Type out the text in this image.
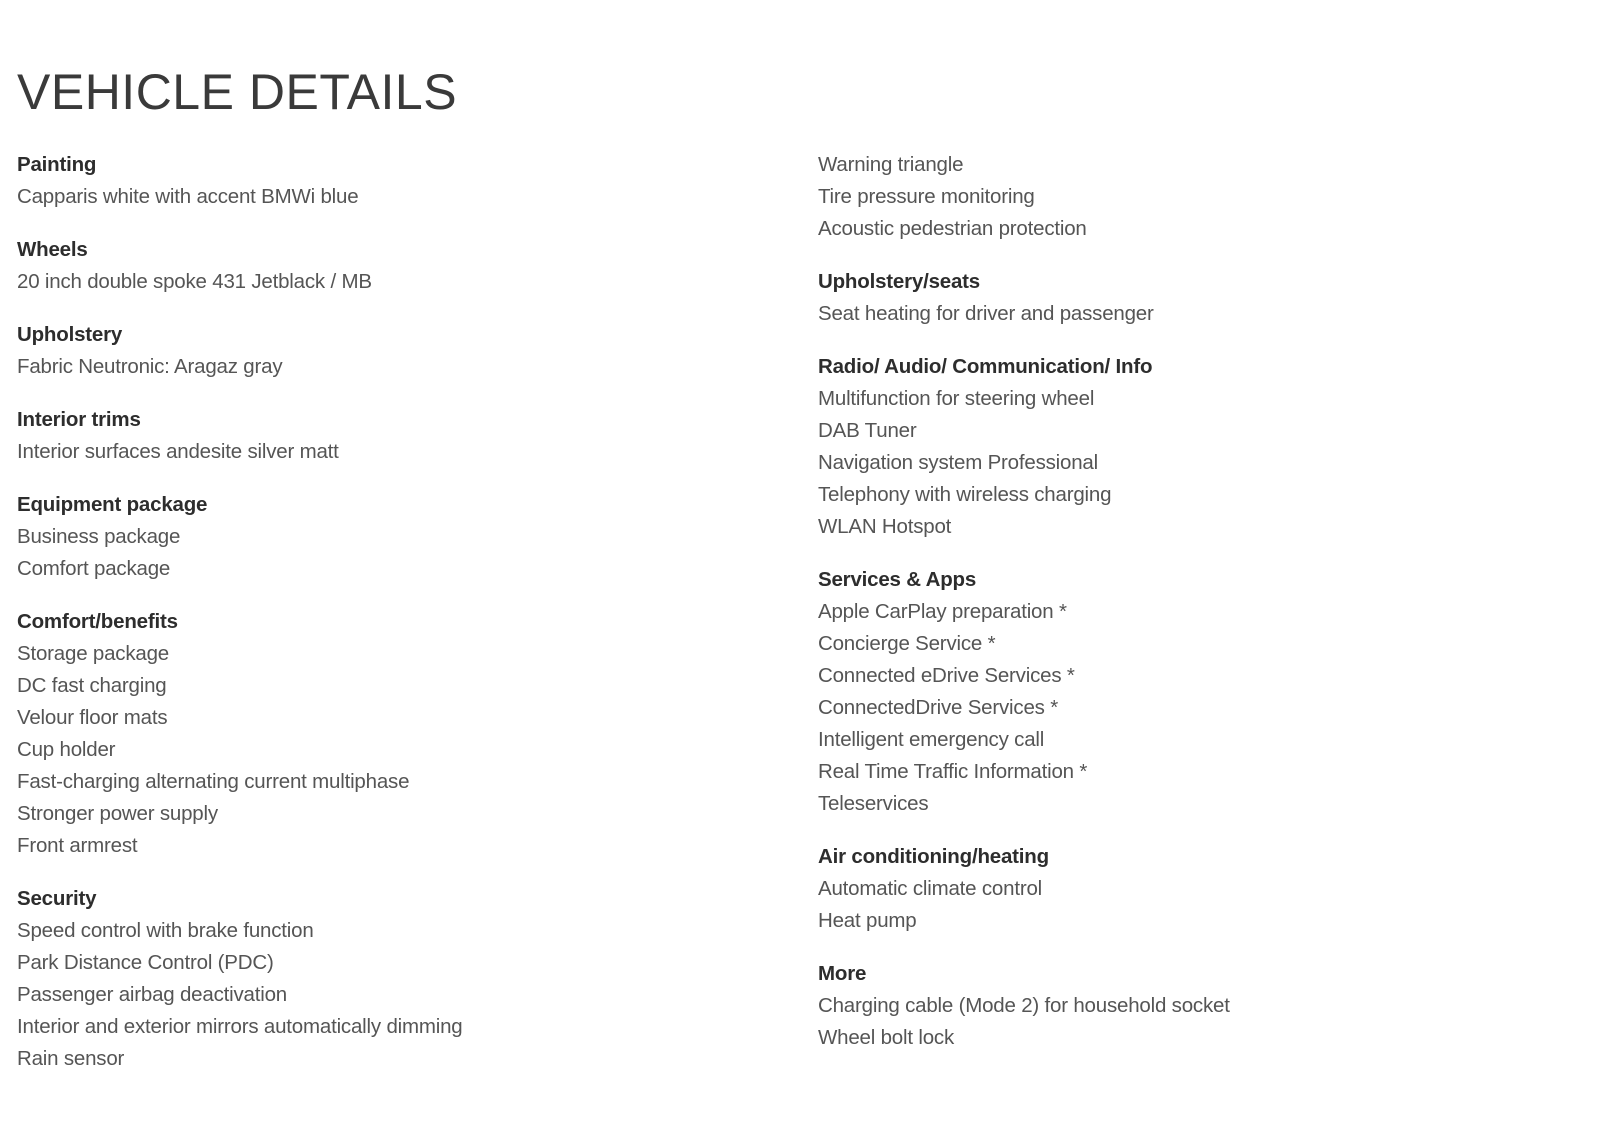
VEHICLE DETAILS
Painting
Capparis white with accent BMWi blue
Wheels
20 inch double spoke 431 Jetblack / MB
Upholstery
Fabric Neutronic: Aragaz gray
Interior trims
Interior surfaces andesite silver matt
Equipment package
Business package
Comfort package
Comfort/benefits
Storage package
DC fast charging
Velour floor mats
Cup holder
Fast-charging alternating current multiphase
Stronger power supply
Front armrest
Security
Speed control with brake function
Park Distance Control (PDC)
Passenger airbag deactivation
Interior and exterior mirrors automatically dimming
Rain sensor
Warning triangle
Tire pressure monitoring
Acoustic pedestrian protection
Upholstery/seats
Seat heating for driver and passenger
Radio/ Audio/ Communication/ Info
Multifunction for steering wheel
DAB Tuner
Navigation system Professional
Telephony with wireless charging
WLAN Hotspot
Services & Apps
Apple CarPlay preparation *
Concierge Service *
Connected eDrive Services *
ConnectedDrive Services *
Intelligent emergency call
Real Time Traffic Information *
Teleservices
Air conditioning/heating
Automatic climate control
Heat pump
More
Charging cable (Mode 2) for household socket
Wheel bolt lock
